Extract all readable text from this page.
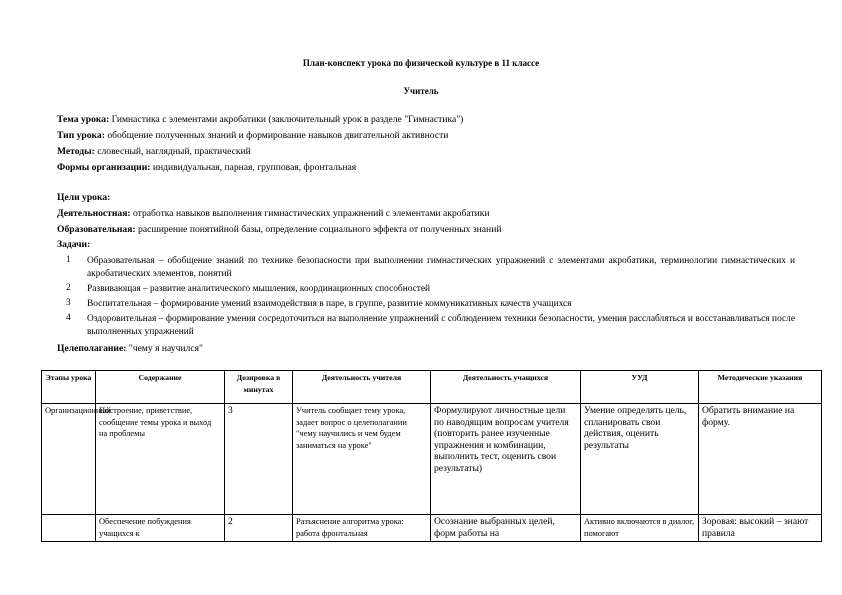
План-конспект урока по физической культуре в 11 классе
Учитель
Тема урока: Гимнастика с элементами акробатики (заключительный урок в разделе "Гимнастика")
Тип урока: обобщение полученных знаний и формирование навыков двигательной активности
Методы: словесный, наглядный, практический
Формы организации: индивидуальная, парная, групповая, фронтальная
Цели урока:
Деятельностная: отработка навыков выполнения гимнастических упражнений с элементами акробатики
Образовательная: расширение понятийной базы, определение социального эффекта от полученных знаний
Задачи:
1 Образовательная – обобщение знаний по технике безопасности при выполнении гимнастических упражнений с элементами акробатики, терминологии гимнастических и акробатических элементов, понятий
2 Развивающая – развитие аналитического мышления, координационных способностей
3 Воспитательная – формирование умений взаимодействия в паре, в группе, развитие коммуникативных качеств учащихся
4 Оздоровительная – формирование умения сосредоточиться на выполнение упражнений с соблюдением техники безопасности, умения расслабляться и восстанавливаться после выполненных упражнений
Целеполагание: "чему я научился"
Этапы урока	Содержание	Дозировка в минутах	Деятельность учителя	Деятельность учащихся	УУД	Методические указания
Организационный	Построение, приветствие, сообщение темы урока и выход на проблемы	3	Учитель сообщает тему урока, задает вопрос о целеполагании "чему научились и чем будем заниматься на уроке"	Формулируют личностные цели по наводящим вопросам учителя (повторить ранее изученные упражнения и комбинации, выполнить тест, оценить свои результаты)	Умение определять цель, спланировать свои действия, оценить результаты	Обратить внимание на форму.

	Обеспечение побуждения учащихся к	2	Разъяснение алгоритма урока: работа фронтальная	Осознание выбранных целей, форм работы на	Активно включаются в диалог, помогают	Зоровая: высокий – знают правила
